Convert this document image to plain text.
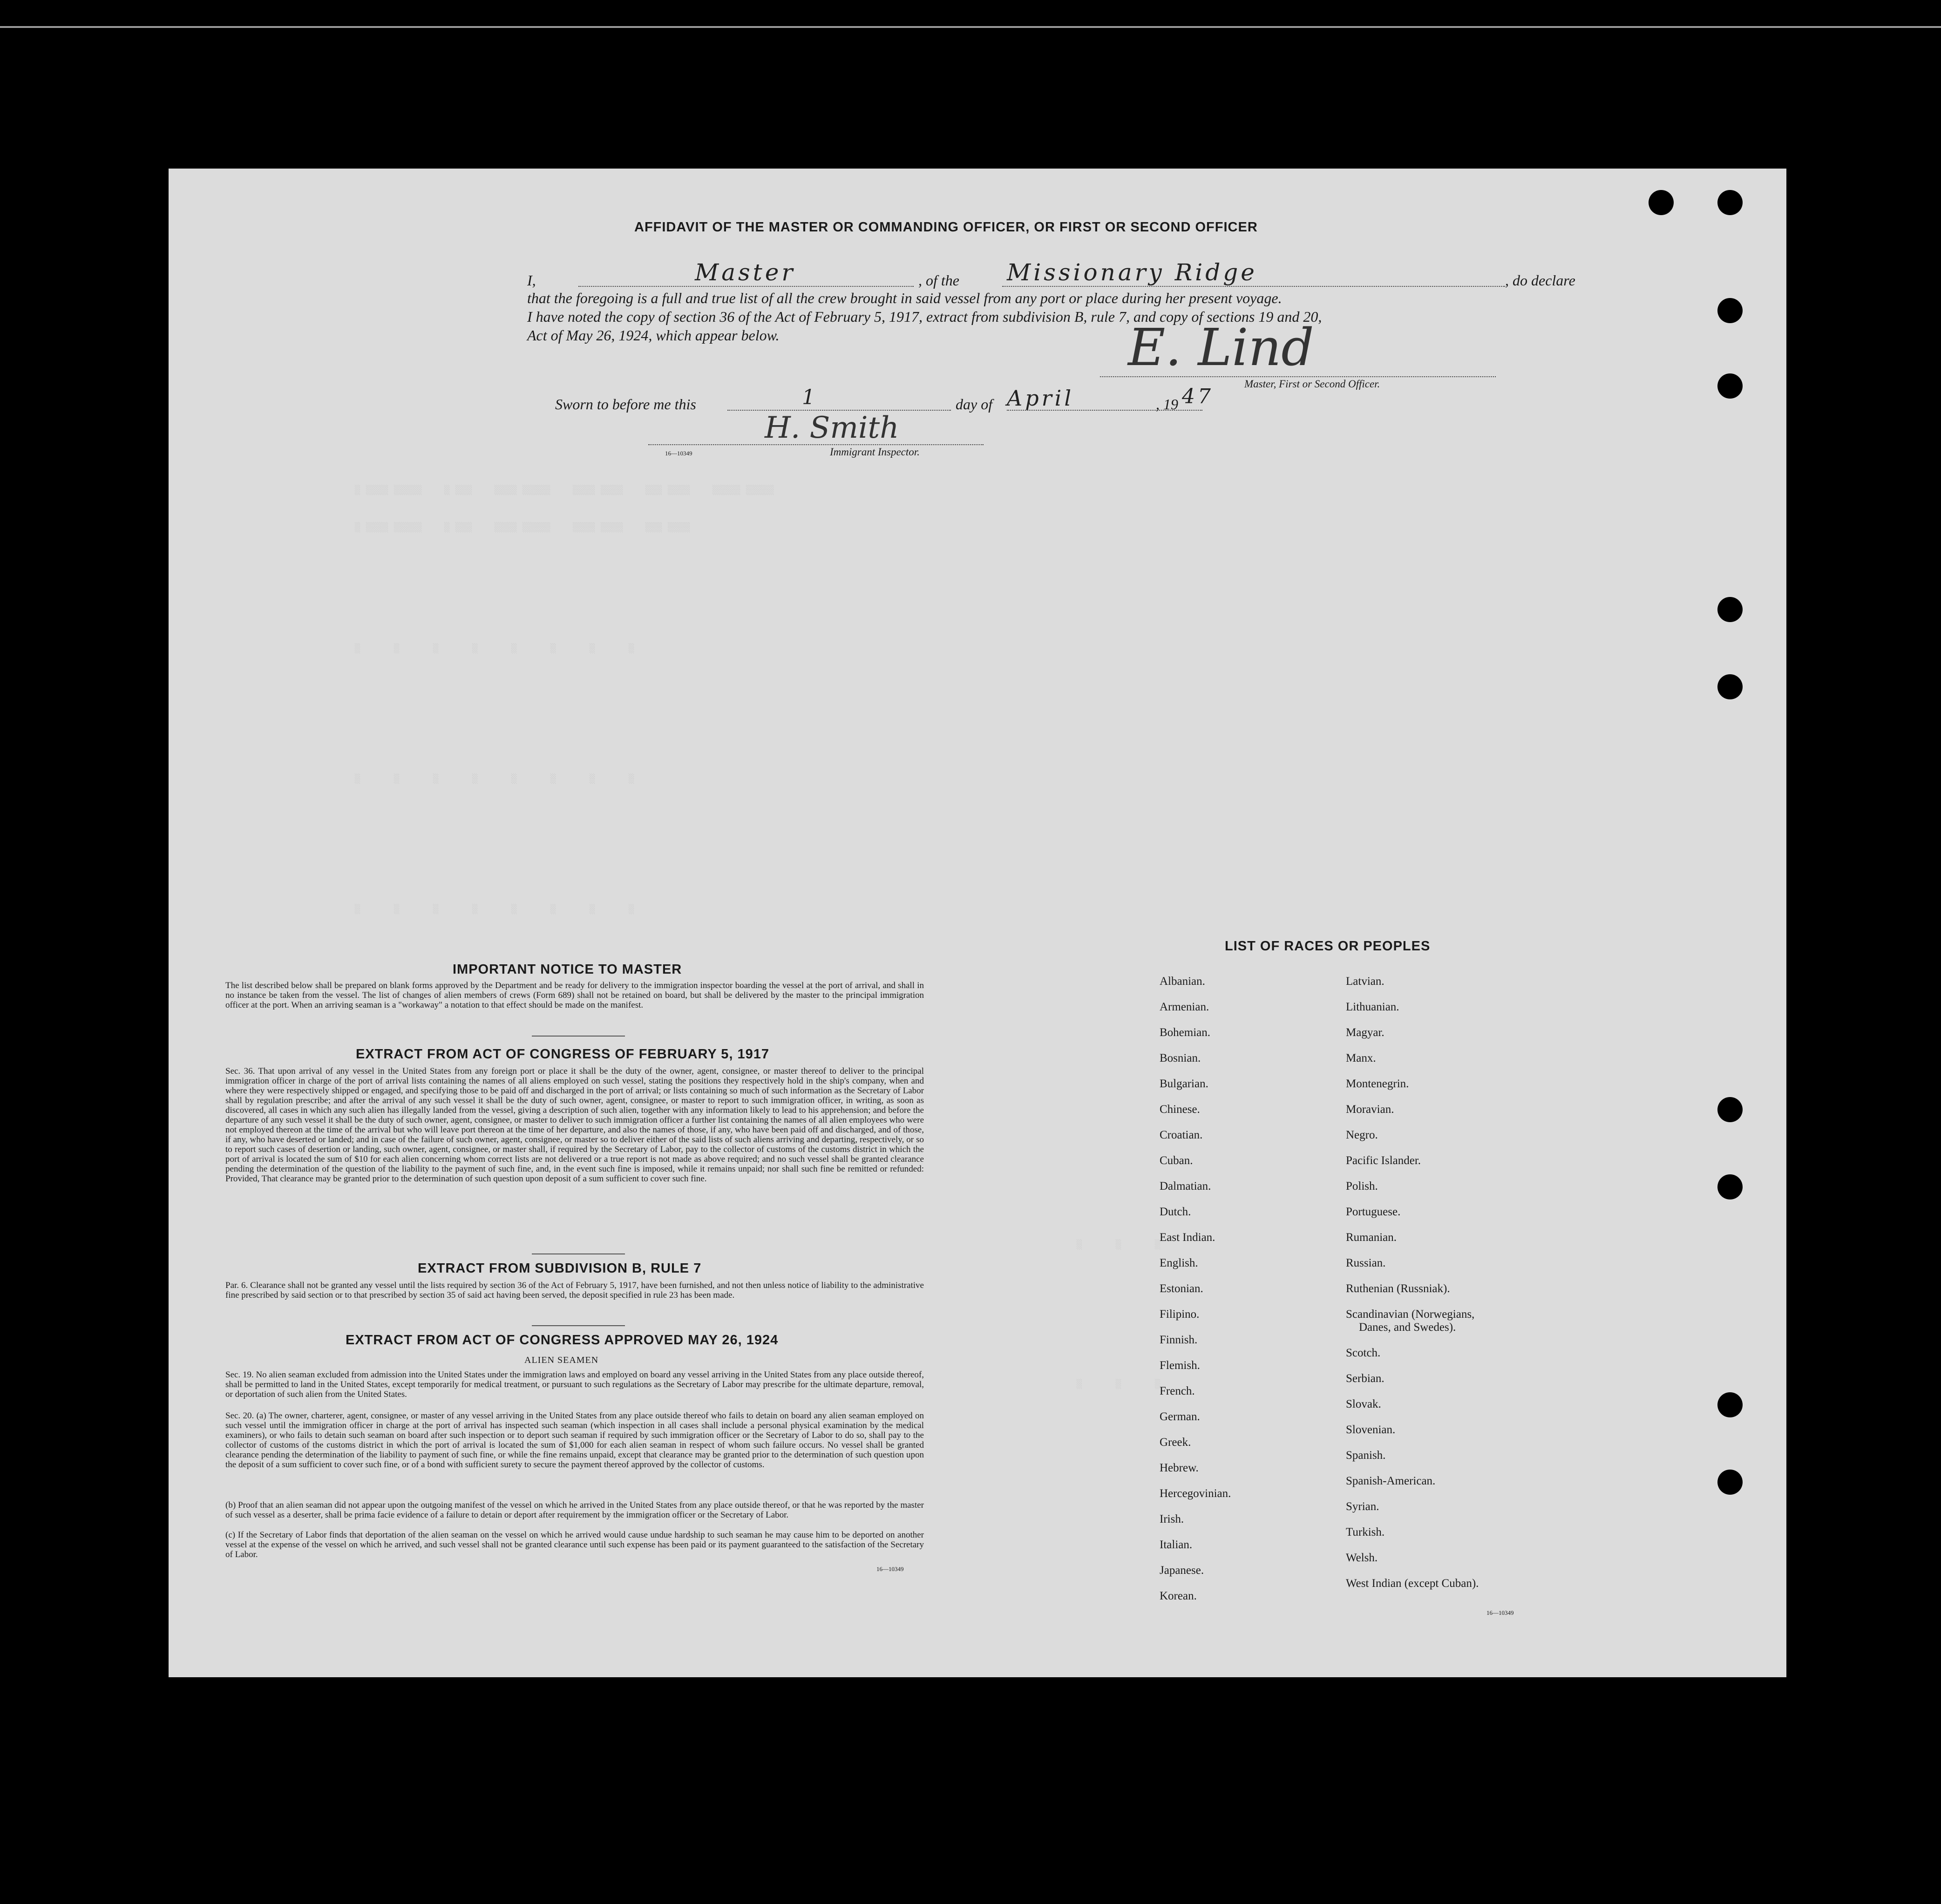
░ ░░░░ ░░░░░    ░ ░░░    ░░░░ ░░░░░    ░░░░ ░░░░    ░░░ ░░░░    ░░░░░ ░░░░░
░ ░░░░ ░░░░░    ░ ░░░    ░░░░ ░░░░░    ░░░░ ░░░░    ░░░ ░░░░
░      ░      ░      ░      ░      ░      ░      ░
░      ░      ░      ░      ░      ░      ░      ░
░      ░      ░      ░      ░      ░      ░      ░
░      ░      ░
░      ░      ░
AFFIDAVIT OF THE MASTER OR COMMANDING OFFICER, OR FIRST OR SECOND OFFICER
I,	Master	, of the Missionary Ridge	, do declare
that the foregoing is a full and true list of all the crew brought in said vessel from any port or place during her present voyage.
I have noted the copy of section 36 of the Act of February 5, 1917, extract from subdivision B, rule 7, and copy of sections 19 and 20,
Act of May 26, 1924, which appear below.	E. Lind
Master, First or Second Officer.
Sworn to before me this	1	day of April	, 19 47
H. Smith
16—10349	Immigrant Inspector.
IMPORTANT NOTICE TO MASTER
The list described below shall be prepared on blank forms approved by the Department and be ready for delivery to the immigration inspector boarding the vessel at the port of arrival, and shall in no instance be taken from the vessel. The list of changes of alien members of crews (Form 689) shall not be retained on board, but shall be delivered by the master to the principal immigration officer at the port. When an arriving seaman is a "workaway" a notation to that effect should be made on the manifest.
EXTRACT FROM ACT OF CONGRESS OF FEBRUARY 5, 1917
Sec. 36. That upon arrival of any vessel in the United States from any foreign port or place it shall be the duty of the owner, agent, consignee, or master thereof to deliver to the principal immigration officer in charge of the port of arrival lists containing the names of all aliens employed on such vessel, stating the positions they respectively hold in the ship's company, when and where they were respectively shipped or engaged, and specifying those to be paid off and discharged in the port of arrival; or lists containing so much of such information as the Secretary of Labor shall by regulation prescribe; and after the arrival of any such vessel it shall be the duty of such owner, agent, consignee, or master to report to such immigration officer, in writing, as soon as discovered, all cases in which any such alien has illegally landed from the vessel, giving a description of such alien, together with any information likely to lead to his apprehension; and before the departure of any such vessel it shall be the duty of such owner, agent, consignee, or master to deliver to such immigration officer a further list containing the names of all alien employees who were not employed thereon at the time of the arrival but who will leave port thereon at the time of her departure, and also the names of those, if any, who have been paid off and discharged, and of those, if any, who have deserted or landed; and in case of the failure of such owner, agent, consignee, or master so to deliver either of the said lists of such aliens arriving and departing, respectively, or so to report such cases of desertion or landing, such owner, agent, consignee, or master shall, if required by the Secretary of Labor, pay to the collector of customs of the customs district in which the port of arrival is located the sum of $10 for each alien concerning whom correct lists are not delivered or a true report is not made as above required; and no such vessel shall be granted clearance pending the determination of the question of the liability to the payment of such fine, and, in the event such fine is imposed, while it remains unpaid; nor shall such fine be remitted or refunded: Provided, That clearance may be granted prior to the determination of such question upon deposit of a sum sufficient to cover such fine.
EXTRACT FROM SUBDIVISION B, RULE 7
Par. 6. Clearance shall not be granted any vessel until the lists required by section 36 of the Act of February 5, 1917, have been furnished, and not then unless notice of liability to the administrative fine prescribed by said section or to that prescribed by section 35 of said act having been served, the deposit specified in rule 23 has been made.
EXTRACT FROM ACT OF CONGRESS APPROVED MAY 26, 1924
ALIEN SEAMEN
Sec. 19. No alien seaman excluded from admission into the United States under the immigration laws and employed on board any vessel arriving in the United States from any place outside thereof, shall be permitted to land in the United States, except temporarily for medical treatment, or pursuant to such regulations as the Secretary of Labor may prescribe for the ultimate departure, removal, or deportation of such alien from the United States.
Sec. 20. (a) The owner, charterer, agent, consignee, or master of any vessel arriving in the United States from any place outside thereof who fails to detain on board any alien seaman employed on such vessel until the immigration officer in charge at the port of arrival has inspected such seaman (which inspection in all cases shall include a personal physical examination by the medical examiners), or who fails to detain such seaman on board after such inspection or to deport such seaman if required by such immigration officer or the Secretary of Labor to do so, shall pay to the collector of customs of the customs district in which the port of arrival is located the sum of $1,000 for each alien seaman in respect of whom such failure occurs. No vessel shall be granted clearance pending the determination of the liability to payment of such fine, or while the fine remains unpaid, except that clearance may be granted prior to the determination of such question upon the deposit of a sum sufficient to cover such fine, or of a bond with sufficient surety to secure the payment thereof approved by the collector of customs.
(b) Proof that an alien seaman did not appear upon the outgoing manifest of the vessel on which he arrived in the United States from any place outside thereof, or that he was reported by the master of such vessel as a deserter, shall be prima facie evidence of a failure to detain or deport after requirement by the immigration officer or the Secretary of Labor.
(c) If the Secretary of Labor finds that deportation of the alien seaman on the vessel on which he arrived would cause undue hardship to such seaman he may cause him to be deported on another vessel at the expense of the vessel on which he arrived, and such vessel shall not be granted clearance until such expense has been paid or its payment guaranteed to the satisfaction of the Secretary of Labor.
16—10349
LIST OF RACES OR PEOPLES
Albanian.
Armenian.
Bohemian.
Bosnian.
Bulgarian.
Chinese.
Croatian.
Cuban.
Dalmatian.
Dutch.
East Indian.
English.
Estonian.
Filipino.
Finnish.
Flemish.
French.
German.
Greek.
Hebrew.
Hercegovinian.
Irish.
Italian.
Japanese.
Korean.
Latvian.
Lithuanian.
Magyar.
Manx.
Montenegrin.
Moravian.
Negro.
Pacific Islander.
Polish.
Portuguese.
Rumanian.
Russian.
Ruthenian (Russniak).
Scandinavian (Norwegians,
Danes, and Swedes).
Scotch.
Serbian.
Slovak.
Slovenian.
Spanish.
Spanish-American.
Syrian.
Turkish.
Welsh.
West Indian (except Cuban).
16—10349
